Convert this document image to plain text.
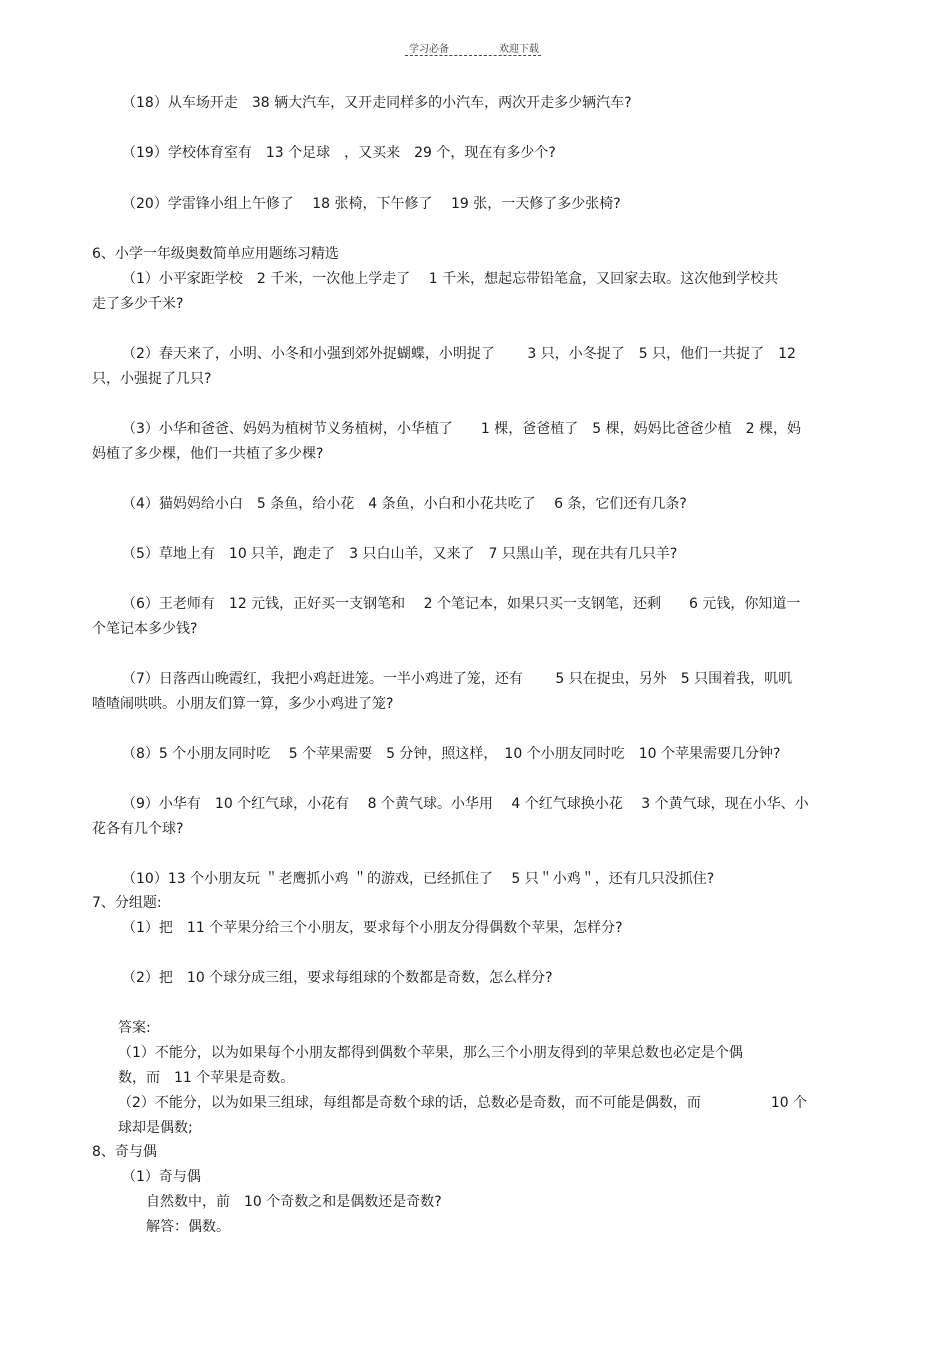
学习必备	欢迎下载
（18）从车场开走　38 辆大汽车，又开走同样多的小汽车，两次开走多少辆汽车?
（19）学校体育室有　13 个足球　，又买来　29 个，现在有多少个?
（20）学雷锋小组上午修了　 18 张椅，下午修了　 19 张，一天修了多少张椅?
6、小学一年级奥数简单应用题练习精选
（1）小平家距学校　2 千米，一次他上学走了　 1 千米，想起忘带铅笔盒，又回家去取。这次他到学校共
走了多少千米?
（2）春天来了，小明、小冬和小强到郊外捉蝴蝶，小明捉了　　 3 只，小冬捉了　5 只，他们一共捉了　12
只，小强捉了几只?
（3）小华和爸爸、妈妈为植树节义务植树，小华植了　　1 棵，爸爸植了　5 棵，妈妈比爸爸少植　2 棵，妈
妈植了多少棵，他们一共植了多少棵?
（4）猫妈妈给小白　5 条鱼，给小花　4 条鱼，小白和小花共吃了　 6 条，它们还有几条?
（5）草地上有　10 只羊，跑走了　3 只白山羊，又来了　7 只黑山羊，现在共有几只羊?
（6）王老师有　12 元钱，正好买一支钢笔和　 2 个笔记本，如果只买一支钢笔，还剩　　6 元钱，你知道一
个笔记本多少钱?
（7）日落西山晚霞红，我把小鸡赶进笼。一半小鸡进了笼，还有　　 5 只在捉虫，另外　5 只围着我，叽叽
喳喳闹哄哄。小朋友们算一算，多少小鸡进了笼?
（8）5 个小朋友同时吃　 5 个苹果需要　5 分钟，照这样，　10 个小朋友同时吃　10 个苹果需要几分钟?
（9）小华有　10 个红气球，小花有　 8 个黄气球。小华用　 4 个红气球换小花　 3 个黄气球，现在小华、小
花各有几个球?
（10）13 个小朋友玩 ＂老鹰抓小鸡 ＂的游戏，已经抓住了　 5 只＂小鸡＂，还有几只没抓住?
7、分组题:
（1）把　11 个苹果分给三个小朋友，要求每个小朋友分得偶数个苹果，怎样分?
（2）把　10 个球分成三组，要求每组球的个数都是奇数，怎么样分?
答案:
（1）不能分，以为如果每个小朋友都得到偶数个苹果，那么三个小朋友得到的苹果总数也必定是个偶
数，而　11 个苹果是奇数。
（2）不能分，以为如果三组球，每组都是奇数个球的话，总数必是奇数，而不可能是偶数，而　　　　　10 个
球却是偶数;
8、奇与偶
（1）奇与偶
自然数中，前　10 个奇数之和是偶数还是奇数?
解答：偶数。
